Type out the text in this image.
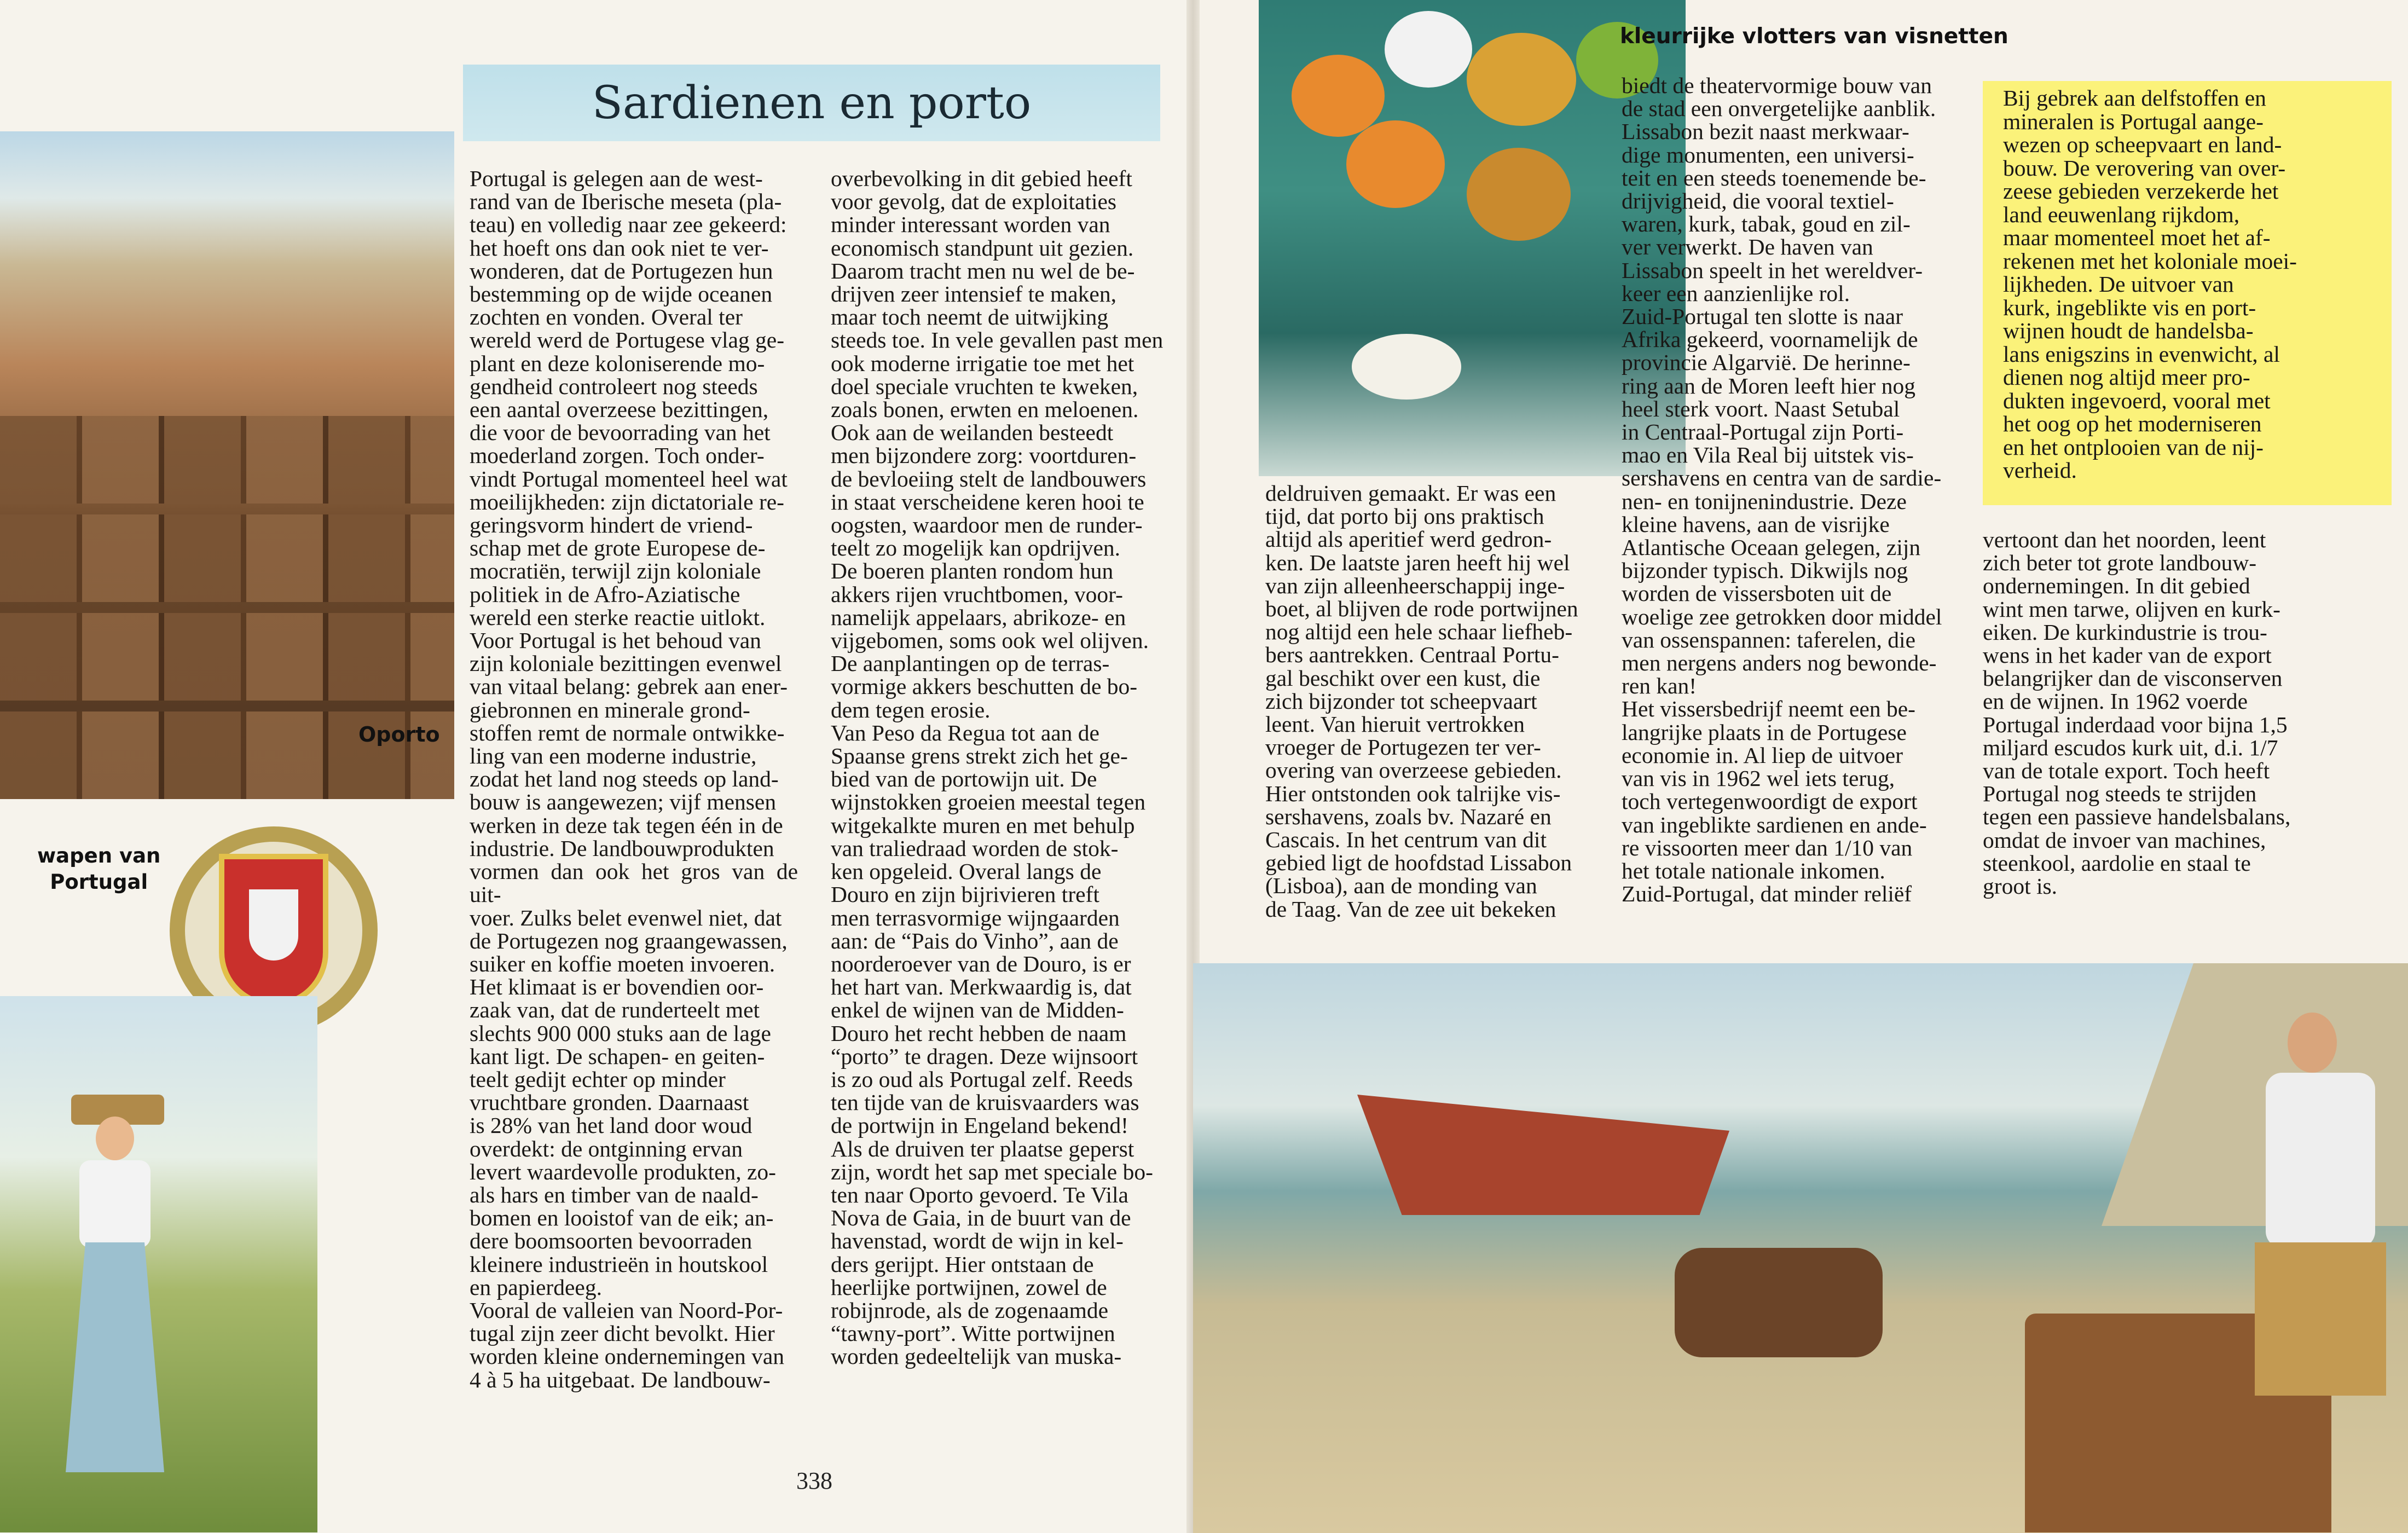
Oporto
wapen van
Portugal
Sardienen en porto
Portugal is gelegen aan de west-
rand van de Iberische meseta (pla-
teau) en volledig naar zee gekeerd:
het hoeft ons dan ook niet te ver-
wonderen, dat de Portugezen hun
bestemming op de wijde oceanen
zochten en vonden. Overal ter
wereld werd de Portugese vlag ge-
plant en deze koloniserende mo-
gendheid controleert nog steeds
een aantal overzeese bezittingen,
die voor de bevoorrading van het
moederland zorgen. Toch onder-
vindt Portugal momenteel heel wat
moeilijkheden: zijn dictatoriale re-
geringsvorm hindert de vriend-
schap met de grote Europese de-
mocratiën, terwijl zijn koloniale
politiek in de Afro-Aziatische
wereld een sterke reactie uitlokt.
Voor Portugal is het behoud van
zijn koloniale bezittingen evenwel
van vitaal belang: gebrek aan ener-
giebronnen en minerale grond-
stoffen remt de normale ontwikke-
ling van een moderne industrie,
zodat het land nog steeds op land-
bouw is aangewezen; vijf mensen
werken in deze tak tegen één in de
industrie. De landbouwprodukten
vormen dan ook het gros van de uit-
voer. Zulks belet evenwel niet, dat
de Portugezen nog graangewassen,
suiker en koffie moeten invoeren.
Het klimaat is er bovendien oor-
zaak van, dat de runderteelt met
slechts 900 000 stuks aan de lage
kant ligt. De schapen- en geiten-
teelt gedijt echter op minder
vruchtbare gronden. Daarnaast
is 28% van het land door woud
overdekt: de ontginning ervan
levert waardevolle produkten, zo-
als hars en timber van de naald-
bomen en looistof van de eik; an-
dere boomsoorten bevoorraden
kleinere industrieën in houtskool
en papierdeeg.
Vooral de valleien van Noord-Por-
tugal zijn zeer dicht bevolkt. Hier
worden kleine ondernemingen van
4 à 5 ha uitgebaat. De landbouw-
overbevolking in dit gebied heeft
voor gevolg, dat de exploitaties
minder interessant worden van
economisch standpunt uit gezien.
Daarom tracht men nu wel de be-
drijven zeer intensief te maken,
maar toch neemt de uitwijking
steeds toe. In vele gevallen past men
ook moderne irrigatie toe met het
doel speciale vruchten te kweken,
zoals bonen, erwten en meloenen.
Ook aan de weilanden besteedt
men bijzondere zorg: voortduren-
de bevloeiing stelt de landbouwers
in staat verscheidene keren hooi te
oogsten, waardoor men de runder-
teelt zo mogelijk kan opdrijven.
De boeren planten rondom hun
akkers rijen vruchtbomen, voor-
namelijk appelaars, abrikoze- en
vijgebomen, soms ook wel olijven.
De aanplantingen op de terras-
vormige akkers beschutten de bo-
dem tegen erosie.
Van Peso da Regua tot aan de
Spaanse grens strekt zich het ge-
bied van de portowijn uit. De
wijnstokken groeien meestal tegen
witgekalkte muren en met behulp
van traliedraad worden de stok-
ken opgeleid. Overal langs de
Douro en zijn bijrivieren treft
men terrasvormige wijngaarden
aan: de “Pais do Vinho”, aan de
noorderoever van de Douro, is er
het hart van. Merkwaardig is, dat
enkel de wijnen van de Midden-
Douro het recht hebben de naam
“porto” te dragen. Deze wijnsoort
is zo oud als Portugal zelf. Reeds
ten tijde van de kruisvaarders was
de portwijn in Engeland bekend!
Als de druiven ter plaatse geperst
zijn, wordt het sap met speciale bo-
ten naar Oporto gevoerd. Te Vila
Nova de Gaia, in de buurt van de
havenstad, wordt de wijn in kel-
ders gerijpt. Hier ontstaan de
heerlijke portwijnen, zowel de
robijnrode, als de zogenaamde
“tawny-port”. Witte portwijnen
worden gedeeltelijk van muska-
338
kleurrijke vlotters van visnetten
deldruiven gemaakt. Er was een
tijd, dat porto bij ons praktisch
altijd als aperitief werd gedron-
ken. De laatste jaren heeft hij wel
van zijn alleenheerschappij inge-
boet, al blijven de rode portwijnen
nog altijd een hele schaar liefheb-
bers aantrekken. Centraal Portu-
gal beschikt over een kust, die
zich bijzonder tot scheepvaart
leent. Van hieruit vertrokken
vroeger de Portugezen ter ver-
overing van overzeese gebieden.
Hier ontstonden ook talrijke vis-
sershavens, zoals bv. Nazaré en
Cascais. In het centrum van dit
gebied ligt de hoofdstad Lissabon
(Lisboa), aan de monding van
de Taag. Van de zee uit bekeken
biedt de theatervormige bouw van
de stad een onvergetelijke aanblik.
Lissabon bezit naast merkwaar-
dige monumenten, een universi-
teit en een steeds toenemende be-
drijvigheid, die vooral textiel-
waren, kurk, tabak, goud en zil-
ver verwerkt. De haven van
Lissabon speelt in het wereldver-
keer een aanzienlijke rol.
Zuid-Portugal ten slotte is naar
Afrika gekeerd, voornamelijk de
provincie Algarvië. De herinne-
ring aan de Moren leeft hier nog
heel sterk voort. Naast Setubal
in Centraal-Portugal zijn Porti-
mao en Vila Real bij uitstek vis-
sershavens en centra van de sardie-
nen- en tonijnenindustrie. Deze
kleine havens, aan de visrijke
Atlantische Oceaan gelegen, zijn
bijzonder typisch. Dikwijls nog
worden de vissersboten uit de
woelige zee getrokken door middel
van ossenspannen: taferelen, die
men nergens anders nog bewonde-
ren kan!
Het vissersbedrijf neemt een be-
langrijke plaats in de Portugese
economie in. Al liep de uitvoer
van vis in 1962 wel iets terug,
toch vertegenwoordigt de export
van ingeblikte sardienen en ande-
re vissoorten meer dan 1/10 van
het totale nationale inkomen.
Zuid-Portugal, dat minder reliëf
Bij gebrek aan delfstoffen en
mineralen is Portugal aange-
wezen op scheepvaart en land-
bouw. De verovering van over-
zeese gebieden verzekerde het
land eeuwenlang rijkdom,
maar momenteel moet het af-
rekenen met het koloniale moei-
lijkheden. De uitvoer van
kurk, ingeblikte vis en port-
wijnen houdt de handelsba-
lans enigszins in evenwicht, al
dienen nog altijd meer pro-
dukten ingevoerd, vooral met
het oog op het moderniseren
en het ontplooien van de nij-
verheid.
vertoont dan het noorden, leent
zich beter tot grote landbouw-
ondernemingen. In dit gebied
wint men tarwe, olijven en kurk-
eiken. De kurkindustrie is trou-
wens in het kader van de export
belangrijker dan de visconserven
en de wijnen. In 1962 voerde
Portugal inderdaad voor bijna 1,5
miljard escudos kurk uit, d.i. 1/7
van de totale export. Toch heeft
Portugal nog steeds te strijden
tegen een passieve handelsbalans,
omdat de invoer van machines,
steenkool, aardolie en staal te
groot is.
